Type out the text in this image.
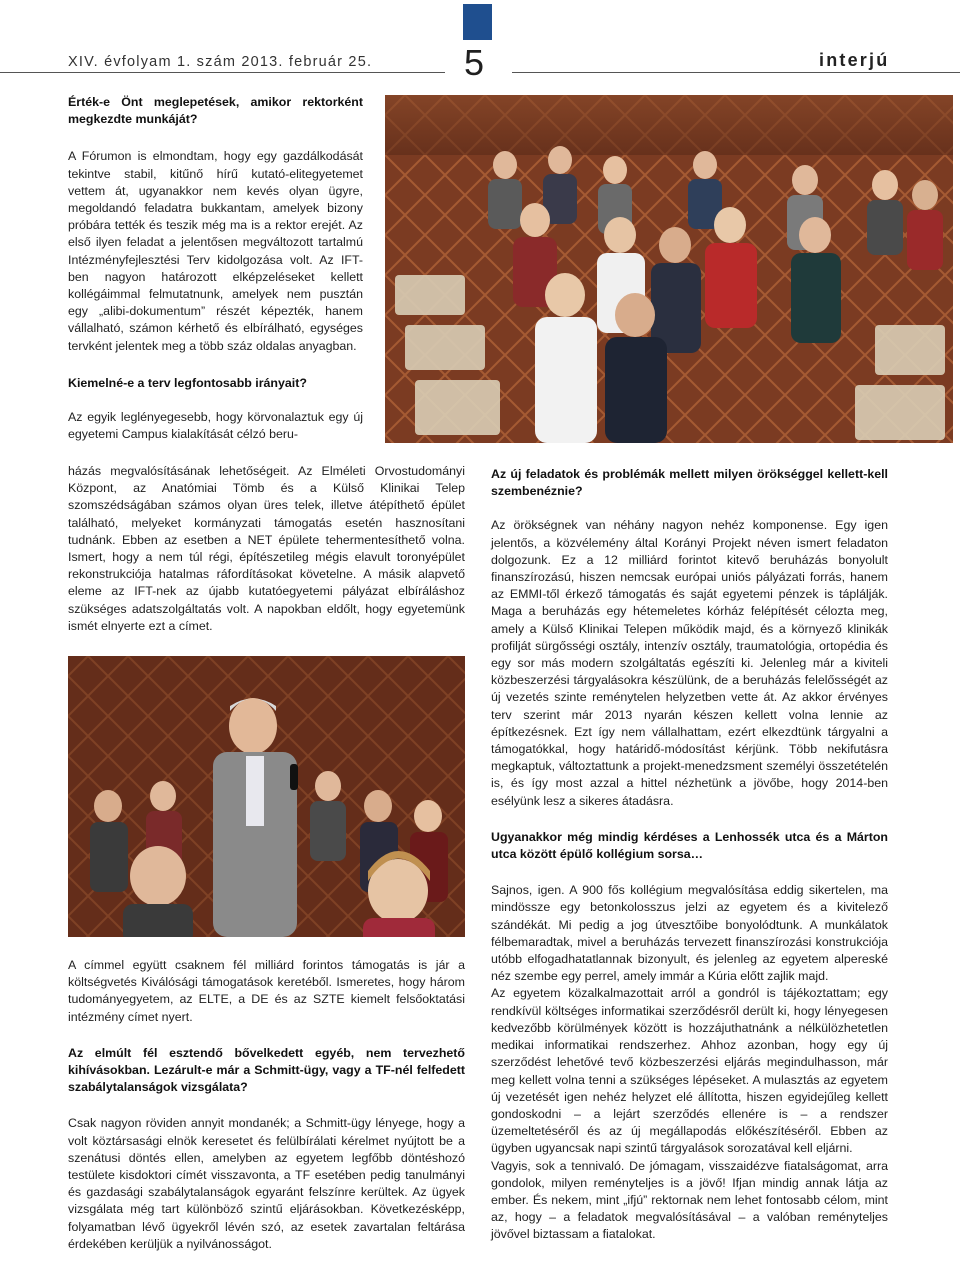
XIV. évfolyam 1. szám 2013. február 25.	5	interjú

Érték-e Önt meglepetések, amikor rektorként megkezdte munkáját?

A Fórumon is elmondtam, hogy egy gazdálkodását tekintve stabil, kitűnő hírű kutató-elitegyetemet vettem át, ugyanakkor nem kevés olyan ügyre, megoldandó feladatra bukkantam, amelyek bizony próbára tették és teszik még ma is a rektor erejét. Az első ilyen feladat a jelentősen megváltozott tartalmú Intézményfejlesztési Terv kidolgozása volt. Az IFT-ben nagyon határozott elképzeléseket kellett kollégáimmal felmutatnunk, amelyek nem pusztán egy „alibi-dokumentum” részét képezték, hanem vállalható, számon kérhető és elbírálható, egységes tervként jelentek meg a több száz oldalas anyagban.

Kiemelné-e a terv legfontosabb irányait?

Az egyik leglényegesebb, hogy körvonalaztuk egy új egyetemi Campus kialakítását célzó beru-

házás megvalósításának lehetőségeit. Az Elméleti Orvostudományi Központ, az Anatómiai Tömb és a Külső Klinikai Telep szomszédságában számos olyan üres telek, illetve átépíthető épület található, melyeket kormányzati támogatás esetén hasznosítani tudnánk. Ebben az esetben a NET épülete tehermentesíthető volna. Ismert, hogy a nem túl régi, építészetileg mégis elavult toronyépület rekonstrukciója hatalmas ráfordításokat követelne. A másik alapvető eleme az IFT-nek az újabb kutatóegyetemi pályázat elbíráláshoz szükséges adatszolgáltatás volt. A napokban eldőlt, hogy egyetemünk ismét elnyerte ezt a címet.

A címmel együtt csaknem fél milliárd forintos támogatás is jár a költségvetés Kiválósági támogatások keretéből. Ismeretes, hogy három tudományegyetem, az ELTE, a DE és az SZTE kiemelt felsőoktatási intézmény címet nyert.

Az elmúlt fél esztendő bővelkedett egyéb, nem tervezhető kihívásokban. Lezárult-e már a Schmitt-ügy, vagy a TF-nél felfedett szabálytalanságok vizsgálata?

Csak nagyon röviden annyit mondanék; a Schmitt-ügy lényege, hogy a volt köztársasági elnök keresetet és felülbírálati kérelmet nyújtott be a szenátusi döntés ellen, amelyben az egyetem legfőbb döntéshozó testülete kisdoktori címét visszavonta, a TF esetében pedig tanulmányi és gazdasági szabálytalanságok egyaránt felszínre kerültek. Az ügyek vizsgálata még tart különböző szintű eljárásokban. Következésképp, folyamatban lévő ügyekről lévén szó, az esetek zavartalan feltárása érdekében kerüljük a nyilvánosságot.

Az új feladatok és problémák mellett milyen örökséggel kellett-kell szembenéznie?

Az örökségnek van néhány nagyon nehéz komponense. Egy igen jelentős, a közvélemény által Korányi Projekt néven ismert feladaton dolgozunk. Ez a 12 milliárd forintot kitevő beruházás bonyolult finanszírozású, hiszen nemcsak európai uniós pályázati forrás, hanem az EMMI-től érkező támogatás és saját egyetemi pénzek is táplálják. Maga a beruházás egy hétemeletes kórház felépítését célozta meg, amely a Külső Klinikai Telepen működik majd, és a környező klinikák profilját sürgősségi osztály, intenzív osztály, traumatológia, ortopédia és egy sor más modern szolgáltatás egészíti ki. Jelenleg már a kiviteli közbeszerzési tárgyalásokra készülünk, de a beruházás felelősségét az új vezetés szinte reménytelen helyzetben vette át. Az akkor érvényes terv szerint már 2013 nyarán készen kellett volna lennie az építkezésnek. Ezt így nem vállalhattam, ezért elkezdtünk tárgyalni a támogatókkal, hogy határidő-módosítást kérjünk. Több nekifutásra megkaptuk, változtattunk a projekt-menedzsment személyi összetételén is, és így most azzal a hittel nézhetünk a jövőbe, hogy 2014-ben esélyünk lesz a sikeres átadásra.

Ugyanakkor még mindig kérdéses a Lenhossék utca és a Márton utca között épülő kollégium sorsa…

Sajnos, igen. A 900 fős kollégium megvalósítása eddig sikertelen, ma mindössze egy betonkolosszus jelzi az egyetem és a kivitelező szándékát. Mi pedig a jog útvesztőibe bonyolódtunk. A munkálatok félbemaradtak, mivel a beruházás tervezett finanszírozási konstrukciója utóbb elfogadhatatlannak bizonyult, és jelenleg az egyetem alpereské néz szembe egy perrel, amely immár a Kúria előtt zajlik majd.

Az egyetem közalkalmazottait arról a gondról is tájékoztattam; egy rendkívül költséges informatikai szerződésről derült ki, hogy lényegesen kedvezőbb körülmények között is hozzájuthatnánk a nélkülözhetetlen medikai informatikai rendszerhez. Ahhoz azonban, hogy egy új szerződést lehetővé tevő közbeszerzési eljárás megindulhasson, már meg kellett volna tenni a szükséges lépéseket. A mulasztás az egyetem új vezetését igen nehéz helyzet elé állította, hiszen egyidejűleg kellett gondoskodni – a lejárt szerződés ellenére is – a rendszer üzemeltetéséről és az új megállapodás előkészítéséről. Ebben az ügyben ugyancsak napi szintű tárgyalások sorozatával kell eljárni.

Vagyis, sok a tennivaló. De jómagam, visszaidézve fiatalságomat, arra gondolok, milyen reményteljes is a jövő! Ifjan mindig annak látja az ember. És nekem, mint „ifjú” rektornak nem lehet fontosabb célom, mint az, hogy – a feladatok megvalósításával – a valóban reményteljes jövővel biztassam a fiatalokat.
